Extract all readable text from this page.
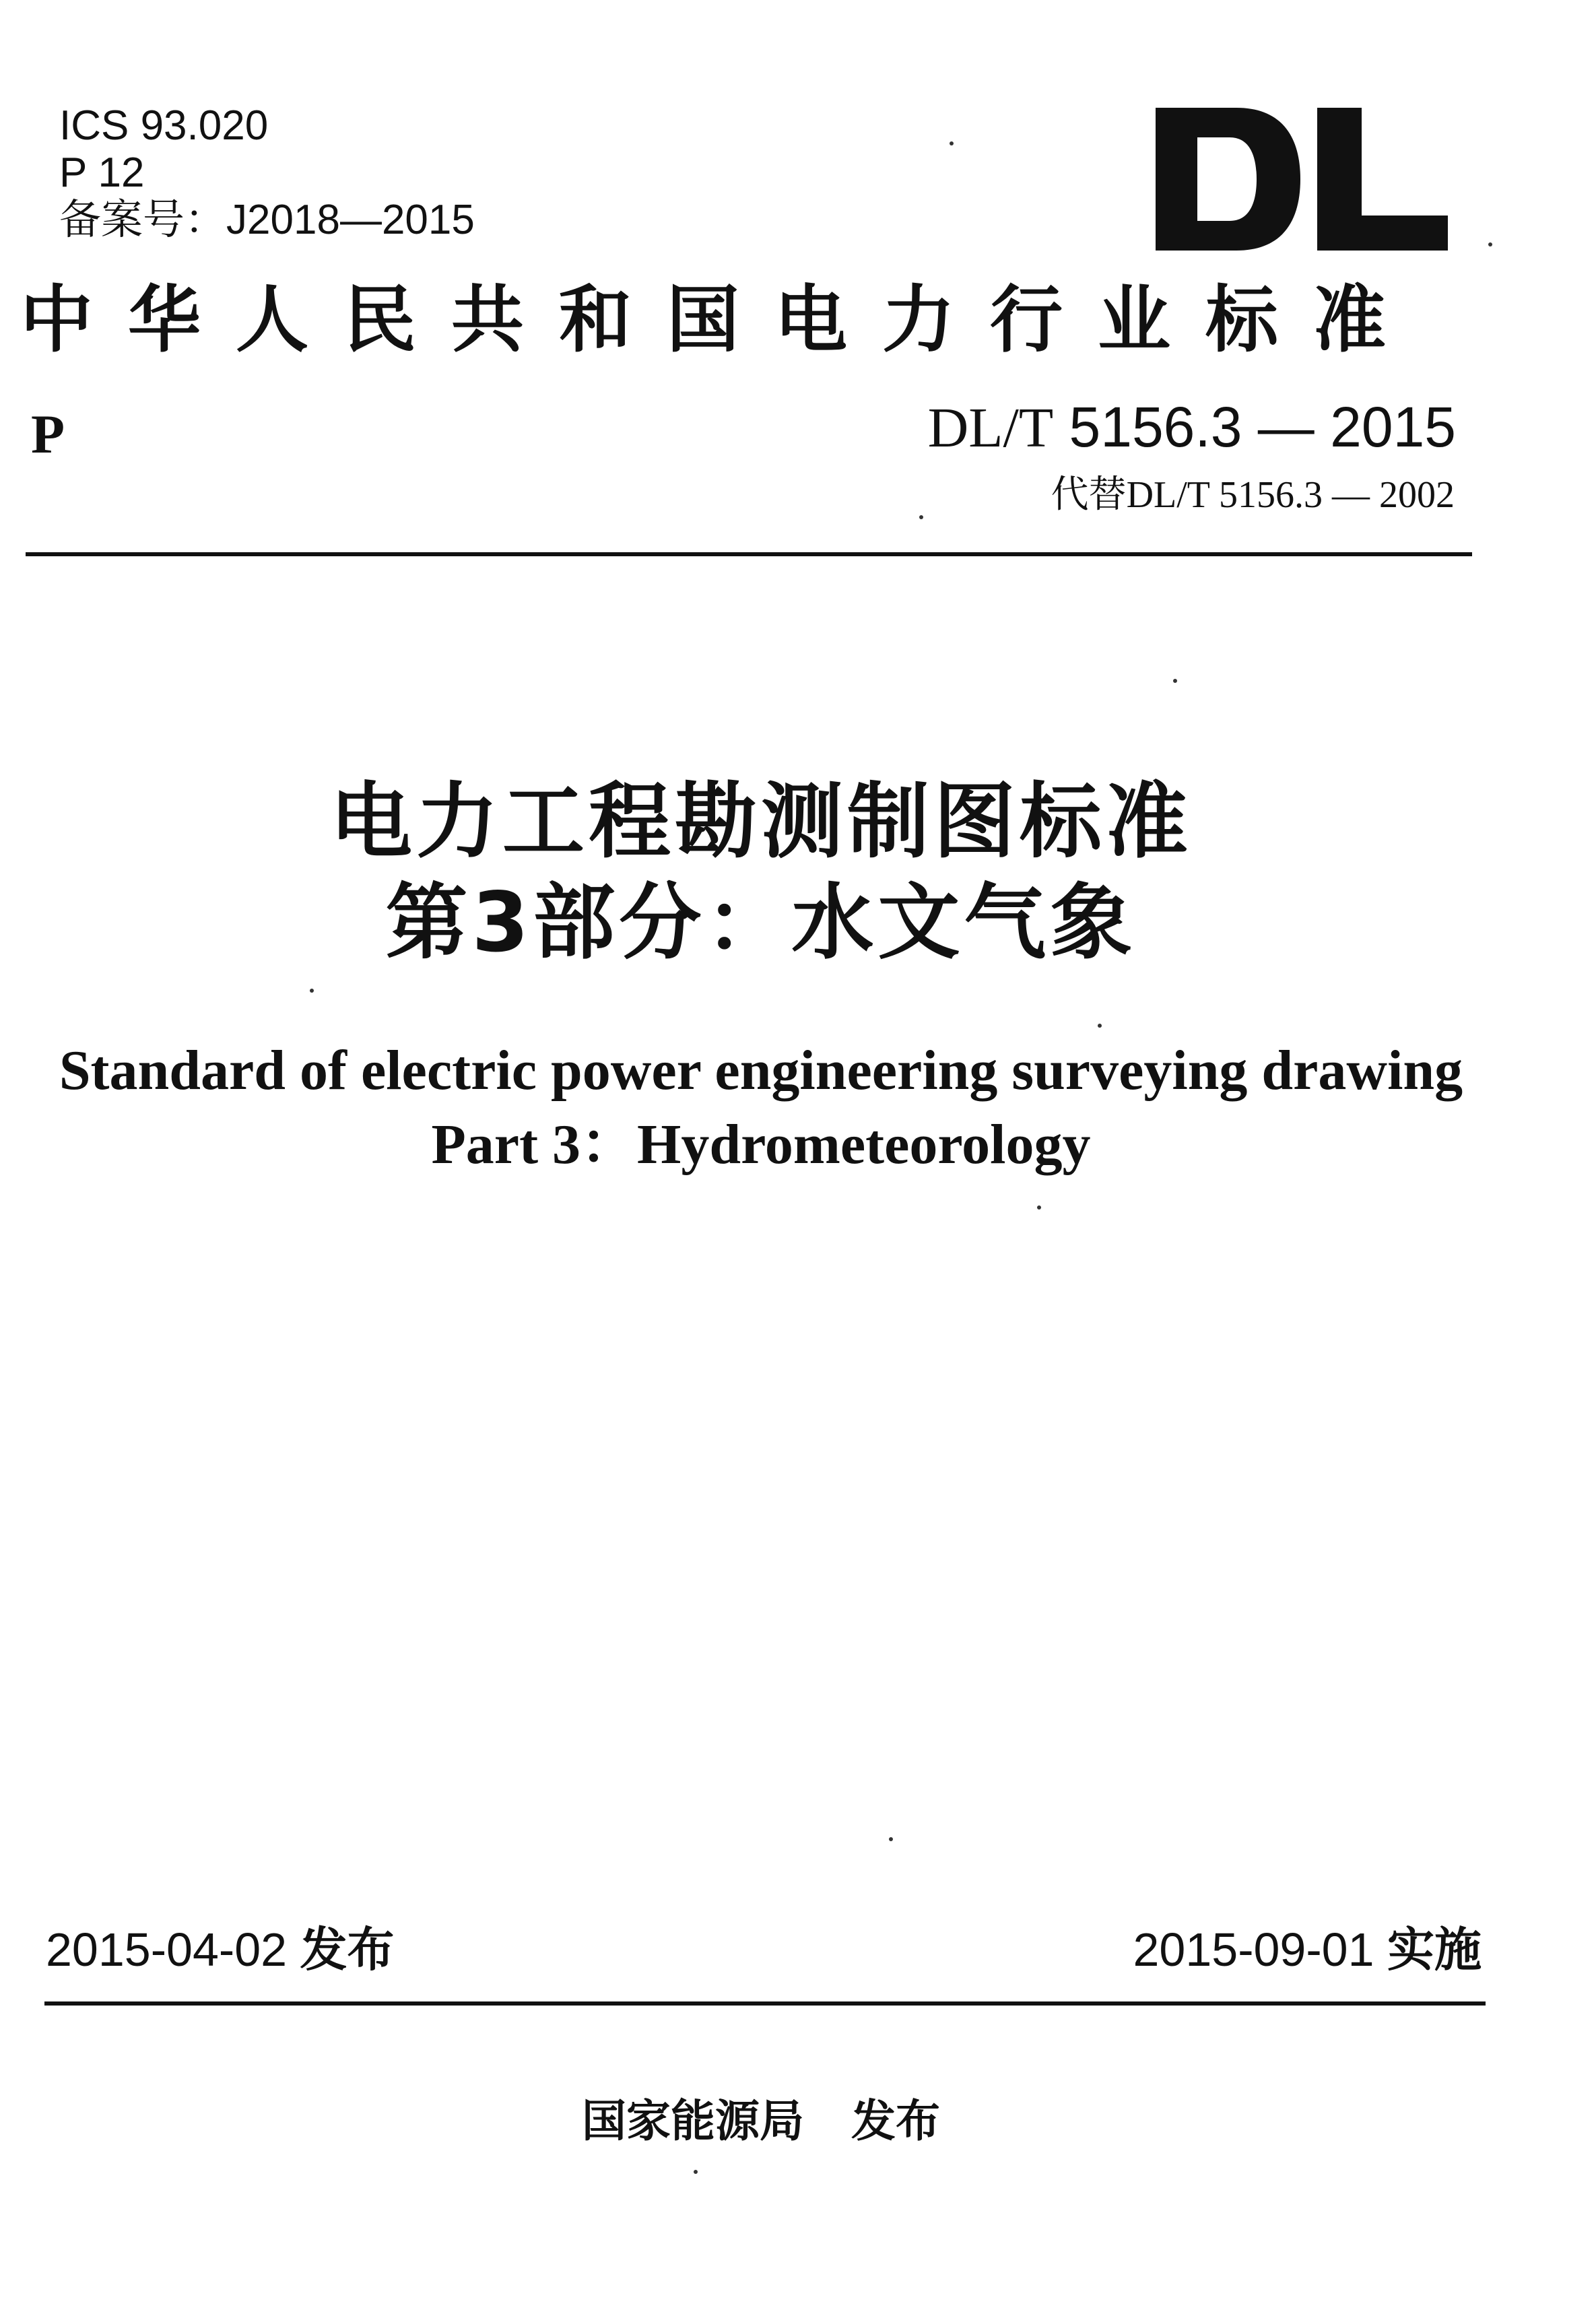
ICS 93.020
P 12
备案号：J2018—2015
中华人民共和国电力行业标准
P	DL/T 5156.3 — 2015
代替DL/T 5156.3 — 2002
电力工程勘测制图标准
第3部分：水文气象
Standard of electric power engineering surveying drawing
Part 3：Hydrometeorology
2015-04-02 发布	2015-09-01 实施
国家能源局 发布
